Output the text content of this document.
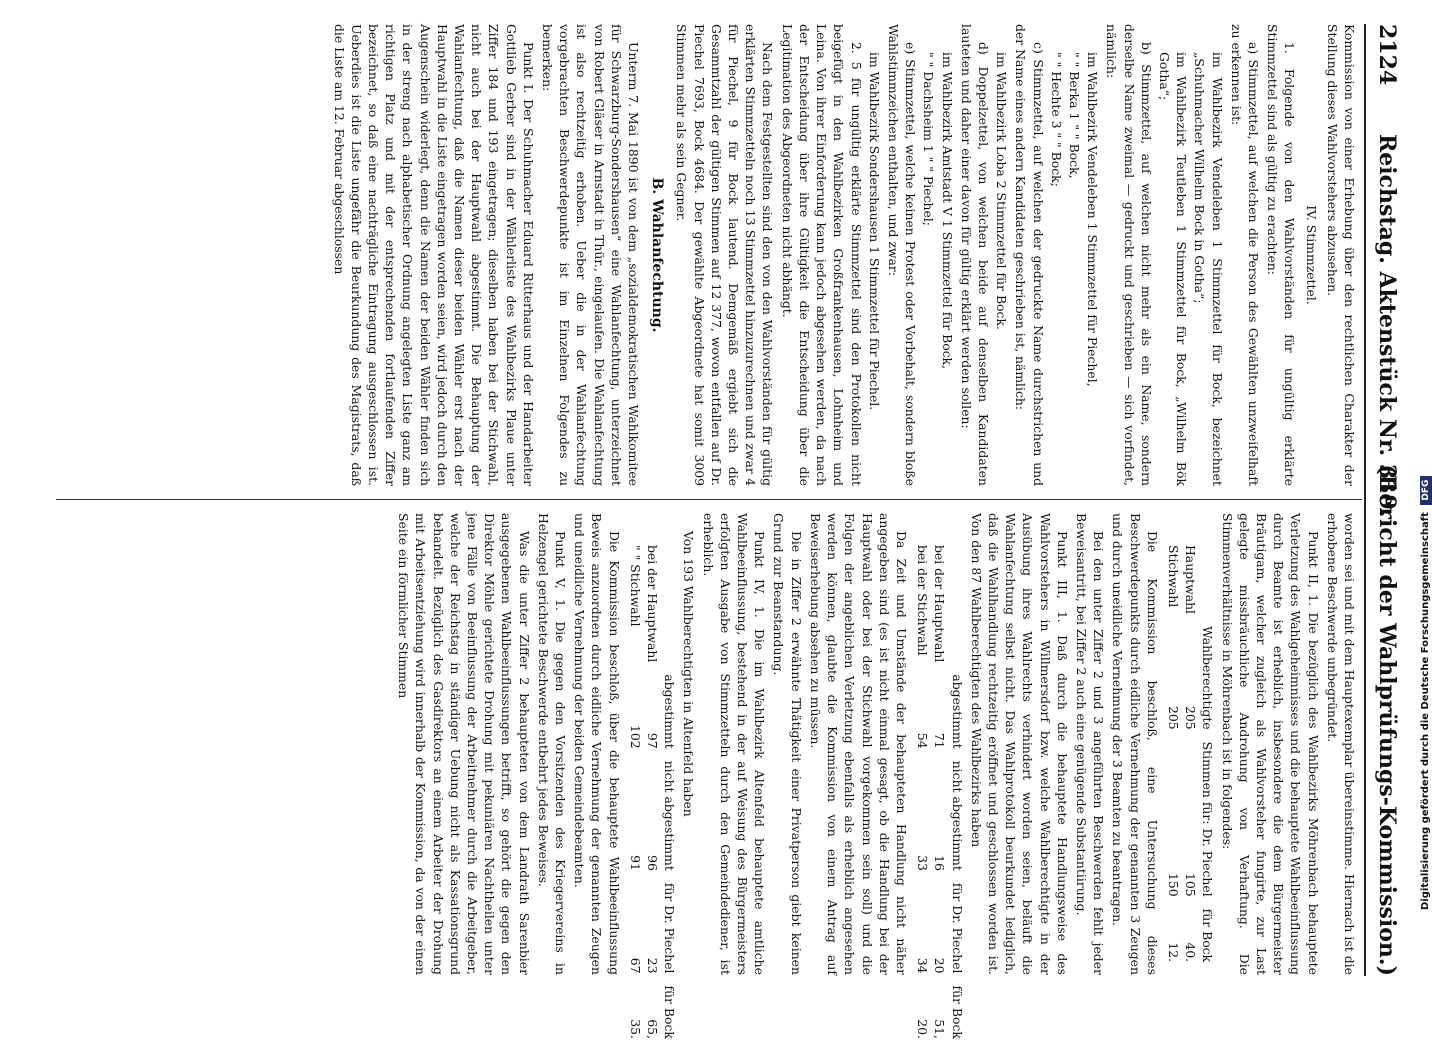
2124
Reichstag. Aktenstück Nr. 319.
(Bericht der Wahlprüfungs-Kommission.)

Kommission von einer Erhebung über den rechtlichen Charakter der Stellung dieses Wahlvorstehers abzusehen.

IV. Stimmzettel.

1. Folgende von den Wahlvorständen für ungültig erklärte Stimmzettel sind als gültig zu erachten:

a) Stimmzettel, auf welchen die Person des Gewählten unzweifelhaft zu erkennen ist:

im Wahlbezirk Vendeleben 1 Stimmzettel für Bock, bezeichnet „Schuhmacher Wilhelm Bock in Gotha“;

im Wahlbezirk Teutleben 1 Stimmzettel für Bock, „Wilhelm Bök Gotha“;

b) Stimmzettel, auf welchen nicht mehr als ein Name, sondern derselbe Name zweimal — gedruckt und geschrieben — sich vorfindet, nämlich:

im Wahlbezirk Vendeleben 1 Stimmzettel für Piechel,

" " Berka 1 " " Bock,

" " Hechte 3 " " Bock;

c) Stimmzettel, auf welchen der gedruckte Name durchstrichen und der Name eines andern Kandidaten geschrieben ist, nämlich:

im Wahlbezirk Loba 2 Stimmzettel für Bock.

d) Doppelzettel, von welchen beide auf denselben Kandidaten lauteten und daher einer davon für gültig erklärt werden sollen:

im Wahlbezirk Amtstadt V 1 Stimmzettel für Bock,

" " Dachsheim 1 " " Piechel;

e) Stimmzettel, welche keinen Protest oder Vorbehalt, sondern bloße Wahlstimmzeichen enthalten, und zwar:

im Wahlbezirk Sondershausen 1 Stimmzettel für Piechel.

2. 5 für ungültig erklärte Stimmzettel sind den Protokollen nicht beigefügt in den Wahlbezirken Großfrankenhausen, Lohnheim und Leina. Von ihrer Einforderung kann jedoch abgesehen werden, da nach der Entscheidung über ihre Gültigkeit die Entscheidung über die Legitimation des Abgeordneten nicht abhängt.

Nach dem Festgestellten sind den von den Wahlvorständen für gültig erklärten Stimmzetteln noch 13 Stimmzettel hinzuzurechnen und zwar 4 für Piechel, 9 für Bock lautend. Demgemäß ergiebt sich die Gesammtzahl der gültigen Stimmen auf 12 377, wovon entfallen auf Dr. Piechel 7693, Bock 4684. Der gewählte Abgeordnete hat somit 3009 Stimmen mehr als sein Gegner.

B. Wahlanfechtung.

Unterm 7. Mai 1890 ist von dem „sozialdemokratischen Wahlkomitee für Schwarzburg-Sondershausen“ eine Wahlanfechtung, unterzeichnet von Robert Gläser in Arnstadt in Thür., eingelaufen. Die Wahlanfechtung ist also rechtzeitig erhoben. Ueber die in der Wahlanfechtung vorgebrachten Beschwerdepunkte ist im Einzelnen Folgendes zu bemerken:

Punkt I. Der Schuhmacher Eduard Ritterhaus und der Handarbeiter Gottlieb Gerber sind in der Wählerliste des Wahlbezirks Plaue unter Ziffer 184 und 193 eingetragen; dieselben haben bei der Stichwahl, nicht auch bei der Hauptwahl abgestimmt. Die Behauptung der Wahlanfechtung, daß die Namen dieser beiden Wähler erst nach der Hauptwahl in die Liste eingetragen worden seien, wird jedoch durch den Augenschein widerlegt, denn die Namen der beiden Wähler finden sich in der streng nach alphabetischer Ordnung angelegten Liste ganz am richtigen Platz und mit der entsprechenden fortlaufenden Ziffer bezeichnet, so daß eine nachträgliche Eintragung ausgeschlossen ist. Ueberdies ist die Liste ungefähr die Beurkundung des Magistrats, daß die Liste am 12. Februar abgeschlossen

worden sei und mit dem Hauptexemplar übereinstimme. Hiernach ist die erhobene Beschwerde unbegründet.

Punkt II, 1. Die bezüglich des Wahlbezirks Möhrenbach behauptete Verletzung des Wahlgeheimnisses und die behauptete Wahlbeeinflussung durch Beamte ist erheblich, insbesondere die dem Bürgermeister Bräutigam, welcher zugleich als Wahlvorsteher fungirte, zur Last gelegte missbräuchliche Androhung von Verhaftung. Die Stimmenverhältnisse in Möhrenbach ist in folgendes:

	Wahlberechtigte	Stimmen für: Dr. Piechel	für Bock
Hauptwahl	205	105	40.
Stichwahl	205	150	12.

Die Kommission beschloß, eine Untersuchung dieses Beschwerdepunkts durch eidliche Vernehmung der genannten 3 Zeugen und durch uneidliche Vernehmung der 3 Beamten zu beantragen.

Bei den unter Ziffer 2 und 3 angeführten Beschwerden fehlt jeder Beweisantritt, bei Ziffer 2 auch eine genügende Substantiirung.

Punkt III, 1. Daß durch die behauptete Handlungsweise des Wahlvorstehers in Willmersdorf bzw. welche Wahlberechtigte in der Ausübung ihres Wahlrechts verhindert worden seien, beläuft die Wahlanfechtung selbst nicht. Das Wahlprotokoll beurkundet lediglich, daß die Wahlhandlung rechtzeitig eröffnet und geschlossen worden ist. Von den 87 Wahlberechtigten des Wahlbezirks haben

	abgestimmt	nicht abgestimmt	für Dr. Piechel	für Bock
bei der Hauptwahl	71	16	20	51,
bei der Stichwahl	54	33	34	20.

Da Zeit und Umstände der behaupteten Handlung nicht näher angegeben sind (es ist nicht einmal gesagt, ob die Handlung bei der Hauptwahl oder bei der Stichwahl vorgekommen sein soll) und die Folgen der angeblichen Verletzung ebenfalls als erheblich angesehen werden können, glaubte die Kommission von einem Antrag auf Beweiserhebung absehen zu müssen.

Die in Ziffer 2 erwähnte Thätigkeit einer Privatperson giebt keinen Grund zur Beanstandung.

Punkt IV, 1. Die im Wahlbezirk Altenfeld behauptete amtliche Wahlbeeinflussung, bestehend in der auf Weisung des Bürgermeisters erfolgten Ausgabe von Stimmzetteln durch den Gemeindediener, ist erheblich.

Von 193 Wahlberechtigten in Altenfeld haben

	abgestimmt	nicht abgestimmt	für Dr. Piechel	für Bock
bei der Hauptwahl	97	96	23	65,
" " Stichwahl	102	91	67	35.

Die Kommission beschloß, über die behauptete Wahlbeeinflussung Beweis anzuordnen durch eidliche Vernehmung der genannten Zeugen und uneidliche Vernehmung der beiden Gemeindebeamten.

Punkt V, 1. Die gegen den Vorsitzenden des Kriegervereins in Helzengel gerichtete Beschwerde entbehrt jedes Beweises.

Was die unter Ziffer 2 behaupteten von dem Landrath Sarenbier ausgegebenen Wahlbeeinflussungen betrifft, so gehört die gegen den Direktor Möhle gerichtete Drohung mit pekuniären Nachtheilen unter jene Fälle von Beeinflussung der Arbeitnehmer durch die Arbeitgeber, welche der Reichstag in ständiger Uebung nicht als Kassationsgrund behandelt. Bezüglich des Gasdirektors an einem Arbeiter der Drohung mit Arbeitsentziehung wird innerhalb der Kommission, da von der einen Seite ein förmlicher Stimmen	Digitalisierung gefördert durch die Deutsche Forschungsgemeinschaft DFG
